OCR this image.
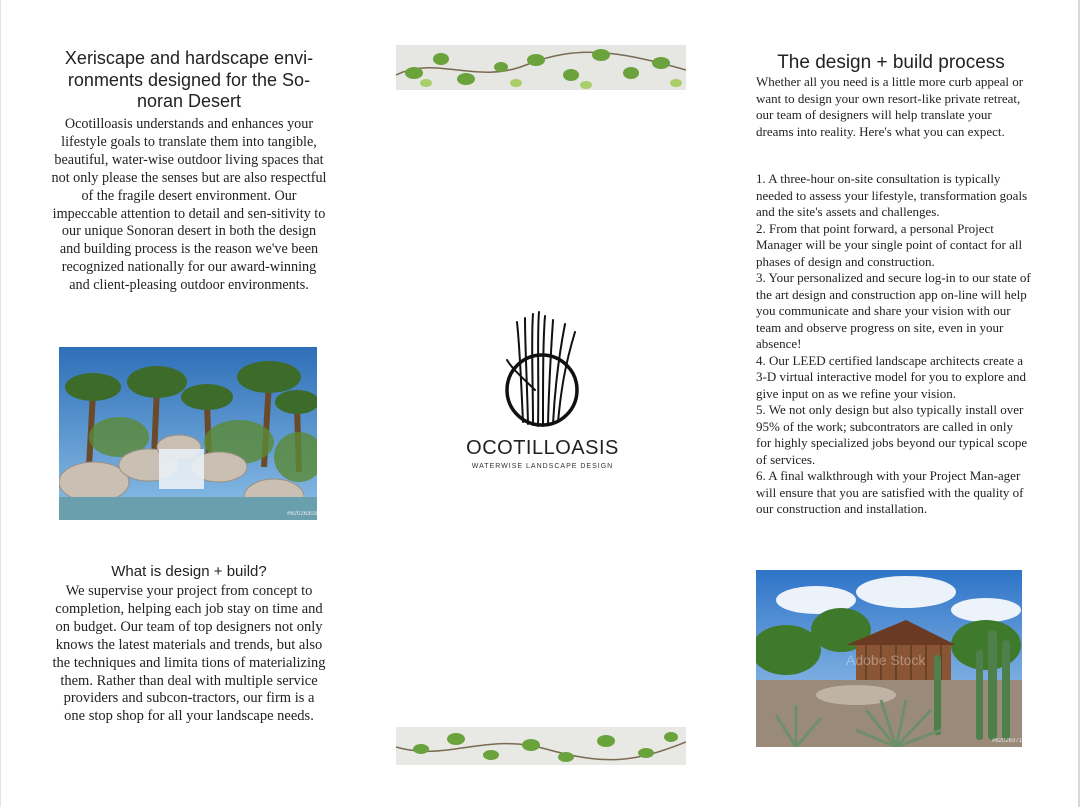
Xeriscape and hardscape envi-ronments designed for the So-noran Desert

Ocotilloasis understands and enhances your lifestyle goals to translate them into tangible, beautiful, water-wise outdoor living spaces that not only please the senses but are also respectful of the fragile desert environment. Our impeccable attention to detail and sen-sitivity to our unique Sonoran desert in both the design and building process is the reason we've been recognized nationally for our award-winning and client-pleasing outdoor environments.

#62026303
What is design + build?

We supervise your project from concept to completion, helping each job stay on time and on budget. Our team of top designers not only knows the latest materials and trends, but also the techniques and limita tions of materializing them. Rather than deal with multiple service providers and subcon-tractors, our firm is a one stop shop for all your landscape needs.

OCOTILLOASIS
WATERWISE LANDSCAPE DESIGN
The design + build process

Whether all you need is a little more curb appeal or want to design your own resort-like private retreat, our team of designers will help translate your dreams into reality. Here's what you can expect.

1. A three-hour on-site consultation is typically needed to assess your lifestyle, transformation goals and the site's assets and challenges.

2. From that point forward, a personal Project Manager will be your single point of contact for all phases of design and construction.

3. Your personalized and secure log-in to our state of the art design and construction app on-line will help you communicate and share your vision with our team and observe progress on site, even in your absence!

4. Our LEED certified landscape architects create a 3-D virtual interactive model for you to explore and give input on as we refine your vision.

5. We not only design but also typically install over 95% of the work; subcontrators are called in only for highly specialized jobs beyond our typical scope of services.

6. A final walkthrough with your Project Man-ager will ensure that you are satisfied with the quality of our construction and installation.

Adobe Stock
#62026371
